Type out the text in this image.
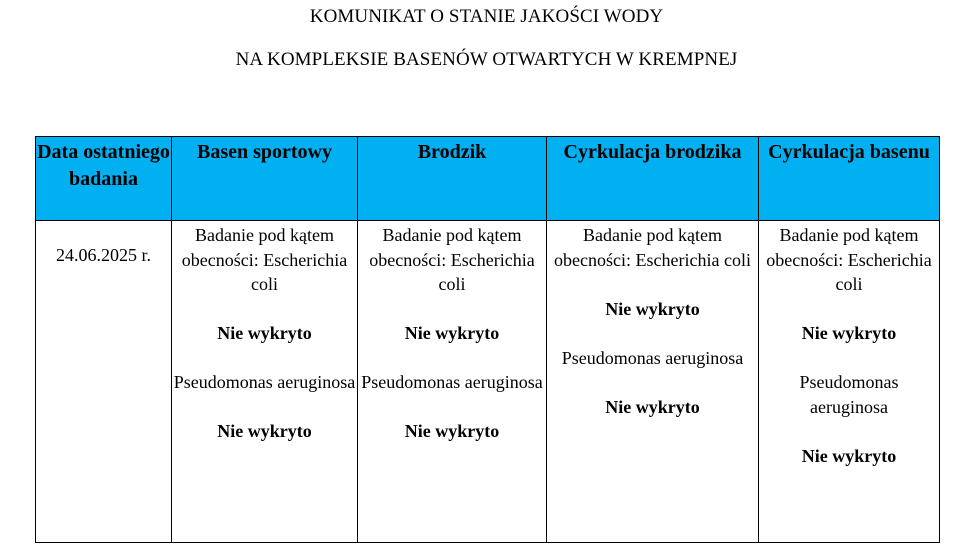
KOMUNIKAT O STANIE JAKOŚCI WODY
NA KOMPLEKSIE BASENÓW OTWARTYCH W KREMPNEJ
Data ostatniego badania	Basen sportowy	Brodzik	Cyrkulacja brodzika	Cyrkulacja basenu

24.06.2025 r.	Badanie pod kątem obecności: Escherichia coli
Nie wykryto
Pseudomonas aeruginosa
Nie wykryto	Badanie pod kątem obecności: Escherichia coli
Nie wykryto
Pseudomonas aeruginosa
Nie wykryto	Badanie pod kątem obecności: Escherichia coli
Nie wykryto
Pseudomonas aeruginosa
Nie wykryto	Badanie pod kątem obecności: Escherichia coli
Nie wykryto
Pseudomonas aeruginosa
Nie wykryto
